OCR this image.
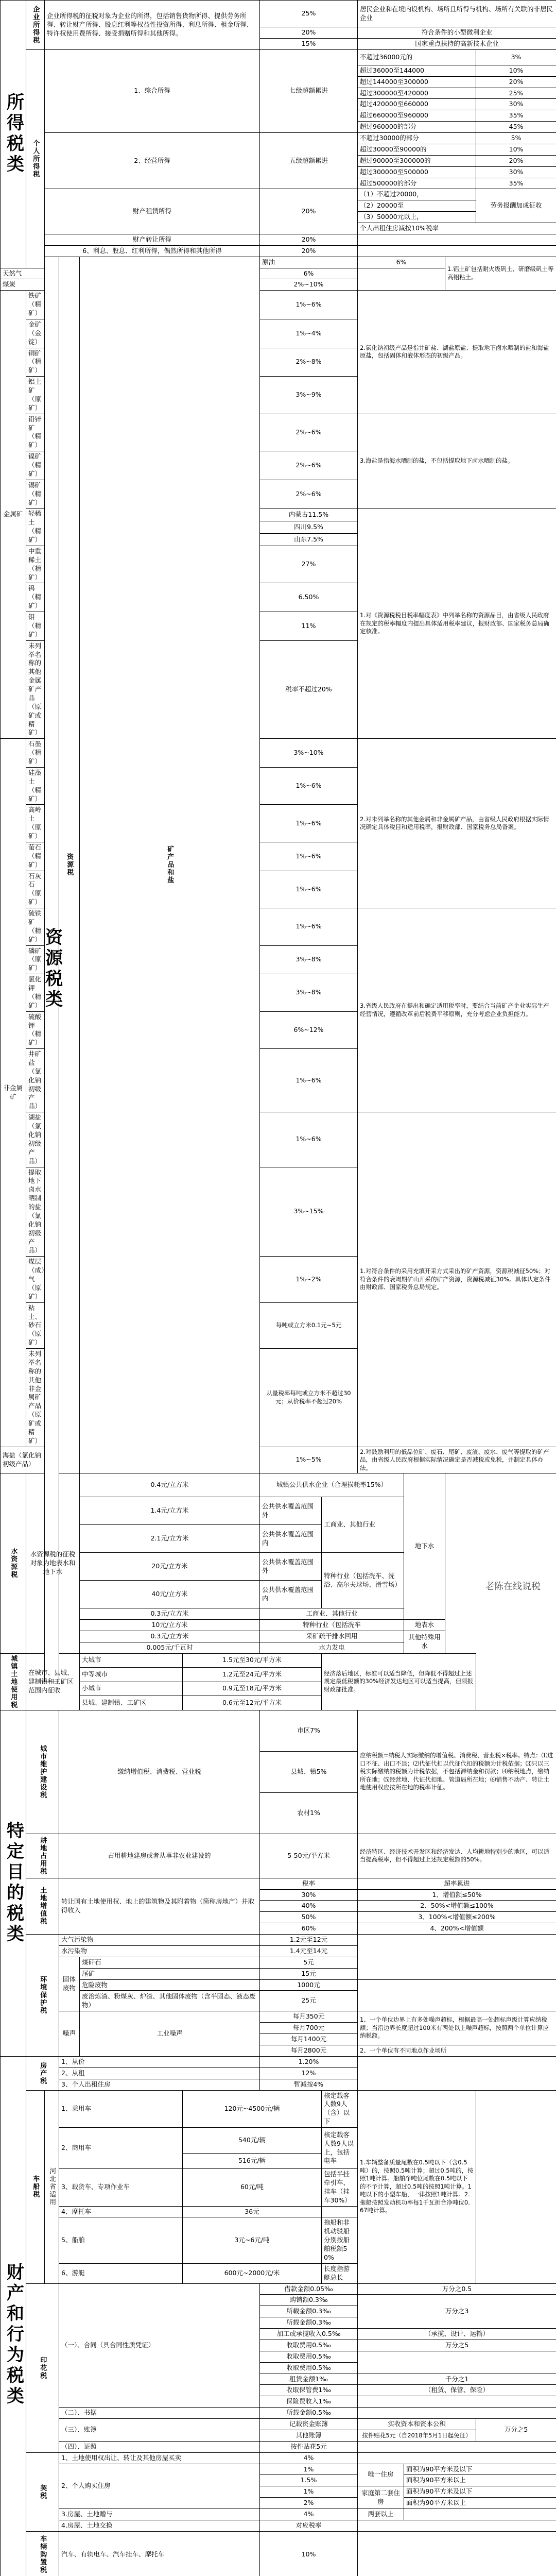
所得税类	企业所得税	企业所得税的征税对象为企业的所得，包括销售货物所得、提供劳务所得、转让财产所得、股息红利等权益性投资所得、利息所得、租金所得、特许权使用费所得、接受捐赠所得和其他所得。				25%		居民企业和在境内设机构、场所且所得与机构、场所有关联的非居民企业			
						20%		符合条件的小型微利企业			
						15%		国家重点扶持的高新技术企业			
	个人所得税	1、综合所得				七级超额累进		不超过36000元的			3%
								超过36000至144000			10%
								超过144000至300000			20%
								超过300000至420000			25%
								超过420000至660000			30%
								超过660000至960000			35%
								超过960000的部分			45%
		2、经营所得				五级超额累进		不超过30000的部分			5%
								超过30000至90000的			10%
								超过90000至300000的			20%
								超过300000至500000			30%
								超过500000的部分			35%
		财产租赁所得				20%		（1）不超过20000，			劳务报酬加成征收
								（2）20000至			
								（3）50000元以上，			
								个人出租住房减按10%税率			
		财产转让所得				20%					
		6、利息、股息、红利所得，偶然所得和其他所得				20%					
		资源税类	资源税	矿产品和盐		原油		6%		1.铝土矿包括耐火级矾土、研磨级矾土等高铝粘土。	
天然气						6%					
煤炭						2%~10%					
金属矿	铁矿（精矿）					1%~6%		2.氯化钠初级产品是指井矿盐、湖盐原盐、提取地下卤水晒制的盐和海盐原盐，包括固体和液体形态的初级产品。			
	金矿（金锭）					1%~4%					
	铜矿（精矿）					2%~8%					
	铝土矿（原矿）					3%~9%					
	铅锌矿（精矿）					2%~6%		3.海盐是指海水晒制的盐，不包括提取地下卤水晒制的盐。			
	镍矿（精矿）					2%~6%					
	锡矿（精矿）					2%~6%					
	轻稀土（精矿）					内蒙古11.5%		1.对《资源税税目税率幅度表》中列举名称的资源品目，由省级人民政府在规定的税率幅度内提出具体适用税率建议，报财政部、国家税务总局确定核准。			
						四川9.5%					
						山东7.5%					
	中重稀土（精矿）					27%					
	钨（精矿）					6.50%					
	钼（精矿）					11%					
	未列举名称的其他金属矿产品（原矿或精矿）					税率不超过20%					
非金属矿	石墨（精矿）					3%~10%		2.对未列举名称的其他金属和非金属矿产品，由省级人民政府根据实际情况确定具体税目和适用税率，报财政部、国家税务总局备案。			
	硅藻土（精矿）					1%~6%					
	高岭土（原矿）					1%~6%					
	萤石（精矿）					1%~6%					
	石灰石（原矿）					1%~6%					
	硫铁矿（精矿）					1%~6%		3.省级人民政府在提出和确定适用税率时，要结合当前矿产企业实际生产经营情况，遵循改革前后税费平移原则，充分考虑企业负担能力。			
	磷矿（原矿）					3%~8%					
	氯化钾（精矿）					3%~8%					
	硫酸钾（精矿）					6%~12%					
	井矿盐（氯化钠初级产品）					1%~6%					
	湖盐（氯化钠初级产品）					1%~6%		1.对符合条件的采用充填开采方式采出的矿产资源，资源税减征50%；对符合条件的衰竭期矿山开采的矿产资源，资源税减征30%。具体认定条件由财政部、国家税务总局规定。			
	提取地下卤水晒制的盐（氯化钠初级产品）					3%~15%					
	煤层（成）气（原矿）					1%~2%					
	粘土、砂石（原矿）					每吨或立方米0.1元~5元					
	未列举名称的其他非金属矿产品（原矿或精矿）					从量税率每吨或立方米不超过30元；从价税率不超过20%					
海盐（氯化钠初级产品）						1%~5%		2.对鼓励利用的低品位矿、废石、尾矿、废渣、废水、废气等提取的矿产品，由省级人民政府根据实际情况确定是否减税或免税，并制定具体办法。			
水资源税	水资源税的征税对象为地表水和地下水			0.4元/立方米		城镇公共供水企业（合理损耗率15%）			地下水		
				1.4元/立方米		公共供水覆盖范围外	工商业、其他行业				
				2.1元/立方米		公共供水覆盖范围内					
				20元/立方米		公共供水覆盖范围外	特种行业（包括洗车、洗浴、高尔夫球场、滑雪场）				
				40元/立方米		公共供水覆盖范围内					
				0.3元/立方米		工商业、其他行业					
				10元/立方米		特种行业（包括洗车			地表水		
				0.3元/立方米		采矿疏干排水回用			其他特殊用水		
				0.005元/千瓦时		水力发电					
城镇土地使用税	在城市、县城、建制镇和工矿区范围内征收			大城市	1.5元至30元/平方米		经济落后地区，标准可以适当降低，但降低不得超过上述规定最低税额的30%经济发达地区可以适当提高，但须报财政部批准。				
				中等城市	1.2元至24元/平方米						
				小城市	0.9元至18元/平方米						
				县城、建制镇、工矿区	0.6元至12元/平方米						
特定目的税类	城市维护建设税		缴纳增值税、消费税、营业税			市区7%		应纳税额=纳税人实际缴纳的增值税、消费税、营业税×税率。特点：⑴进口不征、出口不退；⑵代征代扣以代征代扣的税额为计税依据；⑶只以三税实际缴纳的税额为计税依据，不包括滞纳金和罚款；⑷纳税地点，缴纳所在地；⑸经营地、代征代扣地、管道局所在地；⑹销售不动产、转让土地使用权应按所在地的税率计征。			
						县城、镇5%					
						农村1%					
	耕地占用税		占用耕地建房或者从事非农业建设的			5-50元/平方米		经济特区、经济技术开发区和经济发达、人均耕地特别少的地区，可以适当提高税率，但不得超过上述规定税额的50%。			
	土地增值税		转让国有土地使用权、地上的建筑物及其附着物（简称房地产）并取得收入			税率		超率累进			
						30%		1、增值额≤50%			
						40%		2、50%<增值额≤100%			
						50%		3、100%<增值额≤200%			
						60%		4、200%<增值额			
	环境保护税		大气污染物			1.2元至12元					
			水污染物			1.4元至14元					
			固体废物	煤矸石		5元					
				尾矿		15元					
				危险废物		1000元					
				废治炼渣、粉煤灰、炉渣、其他固体废物（含半固态、液态废物）		25元					
			噪声	工业噪声		每月350元		1、一个单位边界上有多处噪声超标，根据最高一处超标声级计算应纳税额；当沿边界长度超过100米有两处以上噪声超标，按照两个单位计算应纳税额。			
						每月700元					
						每月1400元					
						每月2800元		2、一个单位有不同地点作业场所			
财产和行为税类	房产税		1、从价			1.20%					
			2、从租			12%					
			3、个人出租住房			暂减按4%					
	车船税	河北省适用	1、乘用车		120元~4500元/辆		核定载客人数9人（含）以下	1.车辆整备质量尾数在0.5吨以下（含0.5吨）的，按照0.5吨计算；超过0.5吨的，按照1吨计算。船舶净吨位尾数在0.5吨以下的不予计算，超过0.5吨的按照1吨计算。1吨以下的小型车船，一律按照1吨计算。2.拖船按照发动机功率每1千瓦折合净吨位0.67吨计算。			
			2、商用车		540元/辆		核定载客人数9人以上，包括电车				
					516元/辆						
			3、载货车、专项作业车		60元/吨		包括半挂牵引车、挂车（挂车30%）				
			4、摩托车		36元						
			5、船舶		3元~6元/吨		拖船和非机动驳船分别按船舶税额50%				
			6、游艇		600元~2000元/米		长度指游艇总长				
	印花税		（一）、合同（具合同性质凭证）			借款金额0.05‰		万分之0.5			
						购销额0.3‰		万分之3			
						所载金额0.3‰					
						所载金额0.3‰					
						加工或承揽收入0.5‰		（承揽、设计、运输）			
						收取费用0.5‰		万分之5			
						收取费用0.5‰					
						收取费用0.5‰					
						租赁金额1‰		千分之1			
						收取保管费1‰		（租赁、保管、保险）			
						保险费收入1‰					
			（二）、书据			所载金额0.5‰					
			（三）、账簿			记载资金账簿		实收资本和资本公积			万分之5
						其他账簿		按件贴花5元（自2018年5月1日起免征）			
			（四）、证照			按件贴花5元					
	契税		1、土地使用权出让、转让及其他房屋买卖			4%					
			2、个人购买住房			1%		唯一住房	面积为90平方米及以下		
						1.5%			面积为90平方米以上		
						1%		家庭第二套住房	面积为90平方米及以下		
						2%			面积为90平方米以上		
			3.房屋、土地赠与			4%		两套以上			
			4.房屋、土地交换			对应税率					
	车辆购置税		汽车、有轨电车、汽车挂车、摩托车			10%					

老陈在线说税
